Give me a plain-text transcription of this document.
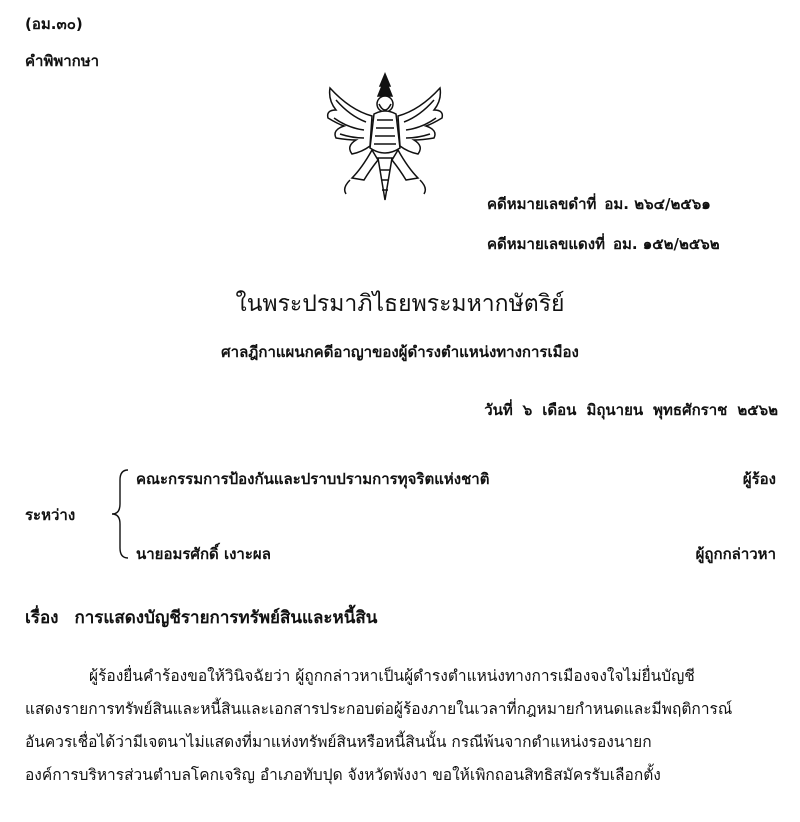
(อม.๓๐)
คำพิพากษา
คดีหมายเลขดำที่ อม. ๒๖๔/๒๕๖๑
คดีหมายเลขแดงที่ อม. ๑๕๒/๒๕๖๒
ในพระปรมาภิไธยพระมหากษัตริย์
ศาลฎีกาแผนกคดีอาญาของผู้ดำรงตำแหน่งทางการเมือง
วันที่ ๖ เดือน มิถุนายน พุทธศักราช ๒๕๖๒
ระหว่าง
คณะกรรมการป้องกันและปราบปรามการทุจริตแห่งชาติ	ผู้ร้อง
นายอมรศักดิ์ เงาะผล	ผู้ถูกกล่าวหา
เรื่อง การแสดงบัญชีรายการทรัพย์สินและหนี้สิน
ผู้ร้องยื่นคำร้องขอให้วินิจฉัยว่า ผู้ถูกกล่าวหาเป็นผู้ดำรงตำแหน่งทางการเมืองจงใจไม่ยื่นบัญชี
แสดงรายการทรัพย์สินและหนี้สินและเอกสารประกอบต่อผู้ร้องภายในเวลาที่กฎหมายกำหนดและมีพฤติการณ์
อันควรเชื่อได้ว่ามีเจตนาไม่แสดงที่มาแห่งทรัพย์สินหรือหนี้สินนั้น กรณีพ้นจากตำแหน่งรองนายก
องค์การบริหารส่วนตำบลโคกเจริญ อำเภอทับปุด จังหวัดพังงา ขอให้เพิกถอนสิทธิสมัครรับเลือกตั้ง
